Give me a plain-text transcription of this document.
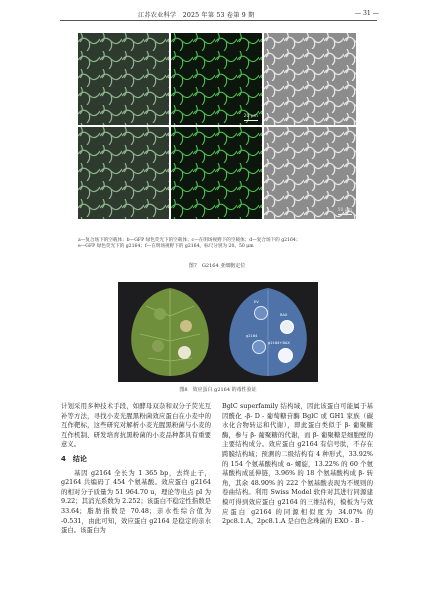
江苏农业科学　2025 年第 53 卷第 9 期	— 31 —
20 μm
50 μm
a—复合场下的空载体；b—GFP 绿色荧光下的空载体；c—在明场视野下的空载体；d—复合场下的 g2164；
e—GFP 绿色荧光下的 g2164；f—在明场视野下的 g2164。标尺分别为 20、50 μm
图7　G2164 亚细胞定位
EV
BAX
g2164
g2164+BAX
图8　效应蛋白 g2164 的毒性验证

计划采用多种技术手段，如酵母双杂和双分子荧光互补等方法，寻找小麦光腥黑粉菌效应蛋白在小麦中的互作靶标，这些研究对解析小麦光腥黑粉菌与小麦的互作机制、研发培育抗黑粉菌的小麦品种都具有重要意义。

4　结论

基因 g2164 全长为 1 365 bp，去终止子，g2164 共编码了 454 个氨基酸。效应蛋白 g2164 的相对分子质量为 51 964.70 u，理论等电点 pI 为 9.22；其消光系数为 2.252；该蛋白不稳定性指数是 33.64；脂肪指数是 70.48；亲水性综合值为 -0.531，由此可知，效应蛋白 g2164 是稳定的亲水蛋白。该蛋白为

BglC superfamily 结构域，因此该蛋白可能属于基因酰化 -β- D - 葡萄糖苷酶 BglC 或 GH1 家族（碳水化合物转运和代谢），即此蛋白类似于 β- 葡聚糖酶，参与 β- 葡聚糖的代谢，而 β- 葡聚糖是细胞壁的主要结构成分。效应蛋白 g2164 有信号肽，不存在跨膜结构域；预测的二级结构有 4 种形式，33.92% 的 154 个氨基酸构成 α- 螺旋，13.22% 的 60 个氨基酸构成延伸链，3.96% 的 18 个氨基酸构成 β- 转角，其余 48.90% 的 222 个氨基酸表现为不规则的卷曲结构。利用 Swiss Model 软件对其进行同源建模可得到效应蛋白 g2164 的三维结构，模板为与效应蛋白 g2164 的同源相似度为 34.07% 的 2pc8.1.A。2pc8.1.A 是白色念珠菌的 EXO - B -
